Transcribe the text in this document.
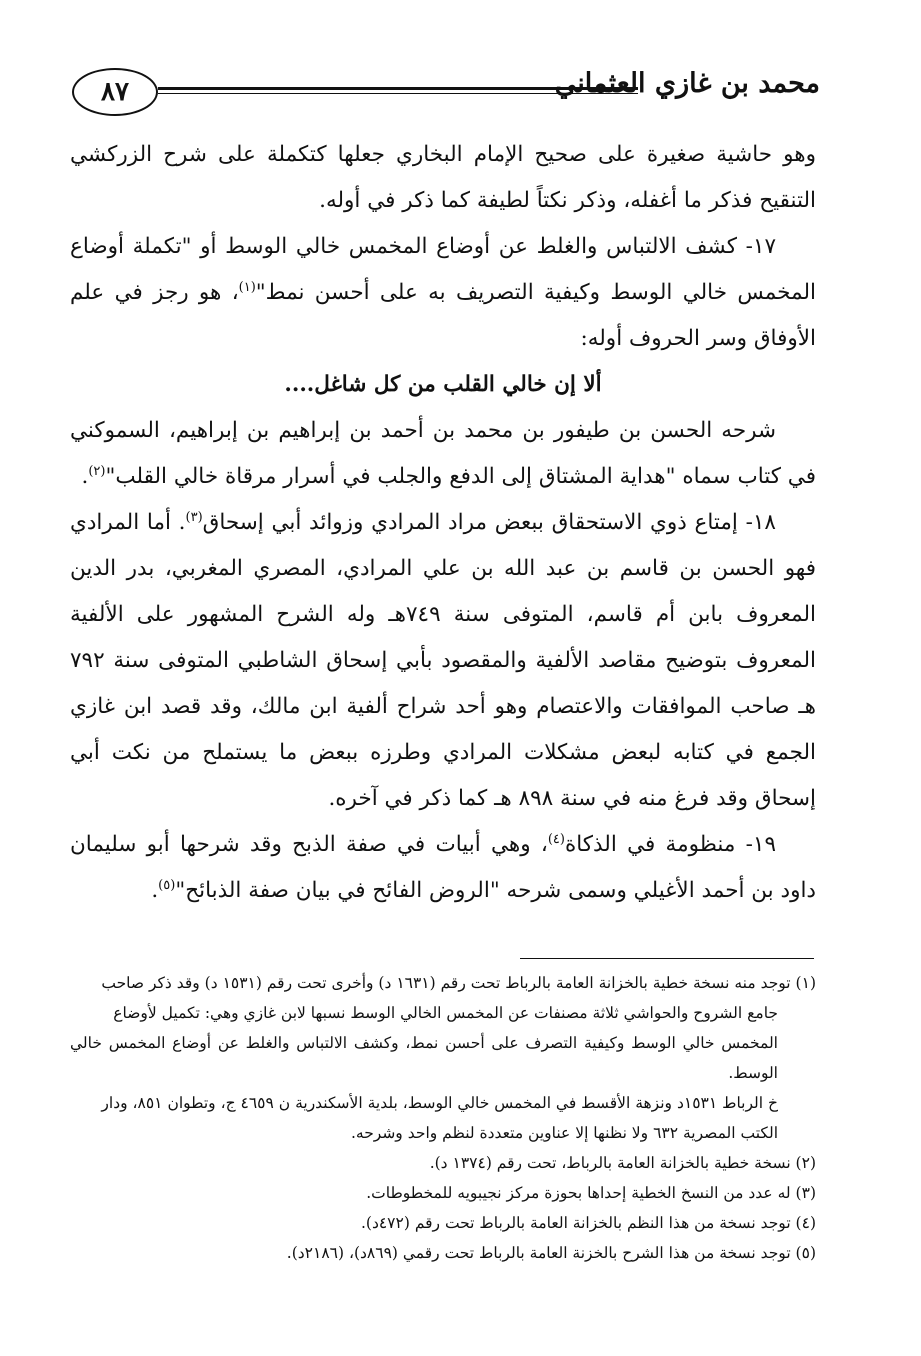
٨٧	محمد بن غازي العثماني

وهو حاشية صغيرة على صحيح الإمام البخاري جعلها كتكملة على شرح الزركشي التنقيح فذكر ما أغفله، وذكر نكتاً لطيفة كما ذكر في أوله.

١٧- كشف الالتباس والغلط عن أوضاع المخمس خالي الوسط أو "تكملة أوضاع المخمس خالي الوسط وكيفية التصريف به على أحسن نمط"$^{(١)}$، هو رجز في علم الأوفاق وسر الحروف أوله:

ألا إن خالي القلب من كل شاغل....

شرحه الحسن بن طيفور بن محمد بن أحمد بن إبراهيم بن إبراهيم، السموكني في كتاب سماه "هداية المشتاق إلى الدفع والجلب في أسرار مرقاة خالي القلب"$^{(٢)}$.

١٨- إمتاع ذوي الاستحقاق ببعض مراد المرادي وزوائد أبي إسحاق$^{(٣)}$. أما المرادي فهو الحسن بن قاسم بن عبد الله بن علي المرادي، المصري المغربي، بدر الدين المعروف بابن أم قاسم، المتوفى سنة ٧٤٩هـ وله الشرح المشهور على الألفية المعروف بتوضيح مقاصد الألفية والمقصود بأبي إسحاق الشاطبي المتوفى سنة ٧٩٢ هـ صاحب الموافقات والاعتصام وهو أحد شراح ألفية ابن مالك، وقد قصد ابن غازي الجمع في كتابه لبعض مشكلات المرادي وطرزه ببعض ما يستملح من نكت أبي إسحاق وقد فرغ منه في سنة ٨٩٨ هـ كما ذكر في آخره.

١٩- منظومة في الذكاة$^{(٤)}$، وهي أبيات في صفة الذبح وقد شرحها أبو سليمان داود بن أحمد الأغيلي وسمى شرحه "الروض الفائح في بيان صفة الذبائح"$^{(٥)}$.

(١) توجد منه نسخة خطية بالخزانة العامة بالرباط تحت رقم (١٦٣١ د) وأخرى تحت رقم (١٥٣١ د) وقد ذكر صاحب

جامع الشروح والحواشي ثلاثة مصنفات عن المخمس الخالي الوسط نسبها لابن غازي وهي: تكميل لأوضاع

المخمس خالي الوسط وكيفية التصرف على أحسن نمط، وكشف الالتباس والغلط عن أوضاع المخمس خالي الوسط.

خ الرباط ١٥٣١د ونزهة الأقسط في المخمس خالي الوسط، بلدية الأسكندرية ن ٤٦٥٩ ج، وتطوان ٨٥١، ودار

الكتب المصرية ٦٣٢ ولا نظنها إلا عناوين متعددة لنظم واحد وشرحه.

(٢) نسخة خطية بالخزانة العامة بالرباط، تحت رقم (١٣٧٤ د).

(٣) له عدد من النسخ الخطية إحداها بحوزة مركز نجيبويه للمخطوطات.

(٤) توجد نسخة من هذا النظم بالخزانة العامة بالرباط تحت رقم (٤٧٢د).

(٥) توجد نسخة من هذا الشرح بالخزنة العامة بالرباط تحت رقمي (٨٦٩د)، (٢١٨٦د).
